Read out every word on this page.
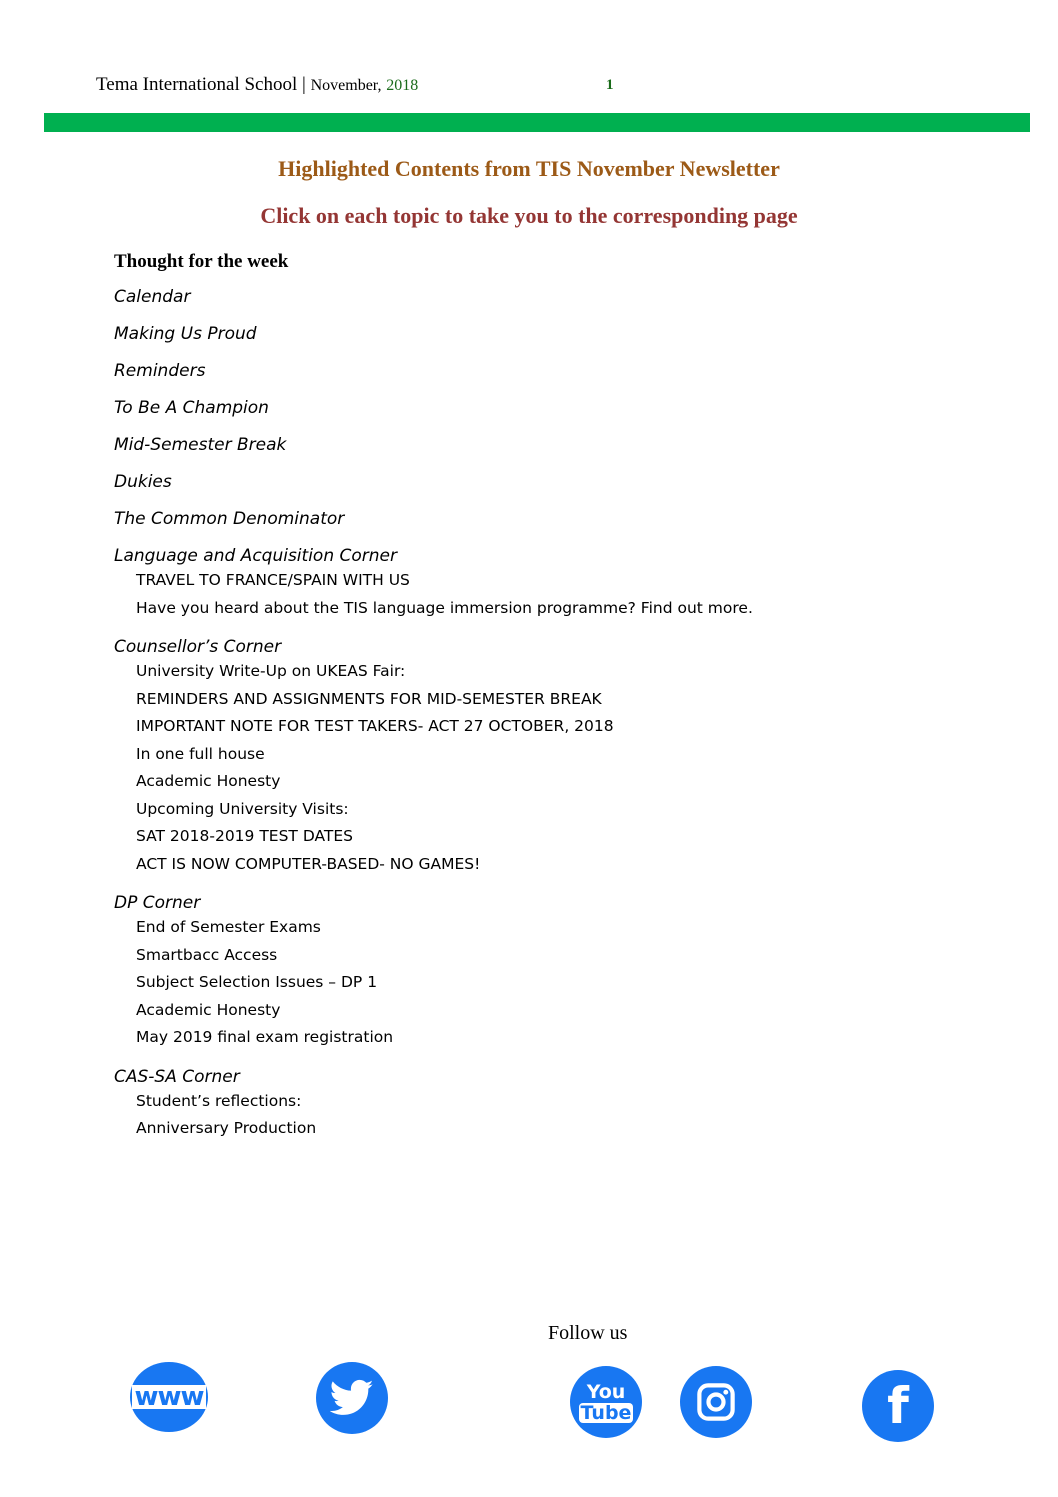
Tema International School | November, 2018	1
Highlighted Contents from TIS November Newsletter
Click on each topic to take you to the corresponding page
Thought for the week
Calendar
Making Us Proud
Reminders
To Be A Champion
Mid-Semester Break
Dukies
The Common Denominator
Language and Acquisition Corner
TRAVEL TO FRANCE/SPAIN WITH US
Have you heard about the TIS language immersion programme? Find out more.
Counsellor’s Corner
University Write-Up on UKEAS Fair:
REMINDERS AND ASSIGNMENTS FOR MID-SEMESTER BREAK
IMPORTANT NOTE FOR TEST TAKERS- ACT 27 OCTOBER, 2018
In one full house
Academic Honesty
Upcoming University Visits:
SAT 2018-2019 TEST DATES
ACT IS NOW COMPUTER-BASED- NO GAMES!
DP Corner
End of Semester Exams
Smartbacc Access
Subject Selection Issues – DP 1
Academic Honesty
May 2019 final exam registration
CAS-SA Corner
Student’s reflections:
Anniversary Production
Follow us
www	You
Tube	f
